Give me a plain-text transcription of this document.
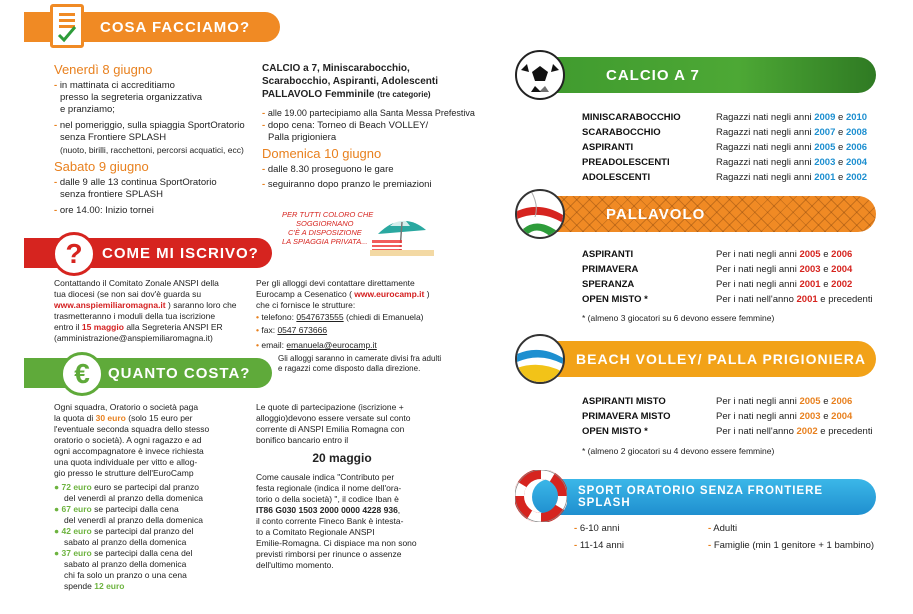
COSA FACCIAMO?
Venerdì 8 giugno
- in mattinata ci accreditiamo
presso la segreteria organizzativa
e pranziamo;
- nel pomeriggio, sulla spiaggia SportOratorio
senza Frontiere SPLASH
(nuoto, birilli, racchettoni, percorsi acquatici, ecc)
Sabato 9 giugno
- dalle 9 alle 13 continua SportOratorio
senza frontiere SPLASH
- ore 14.00: Inizio tornei
CALCIO a 7, Miniscarabocchio,
Scarabocchio, Aspiranti, Adolescenti
PALLAVOLO Femminile (tre categorie)
- alle 19.00 partecipiamo alla Santa Messa Prefestiva
- dopo cena: Torneo di Beach VOLLEY/
Palla prigioniera
Domenica 10 giugno
- dalle 8.30 proseguono le gare
- seguiranno dopo pranzo le premiazioni
PER TUTTI COLORO CHE
SOGGIORNANO
C'È A DISPOSIZIONE
LA SPIAGGIA PRIVATA...
COME MI ISCRIVO?
?
Contattando il Comitato Zonale ANSPI della
tua diocesi (se non sai dov'è guarda su
www.anspiemiliaromagna.it ) saranno loro che
trasmetteranno i moduli della tua iscrizione
entro il 15 maggio alla Segreteria ANSPI ER
(amministrazione@anspiemiliaromagna.it)
Per gli alloggi devi contattare direttamente
Eurocamp a Cesenatico ( www.eurocamp.it )
che ci fornisce le strutture:
• telefono: 0547673555 (chiedi di Emanuela)
• fax: 0547 673666
• email: emanuela@eurocamp.it
Gli alloggi saranno in camerate divisi fra adulti
e ragazzi come disposto dalla direzione.
QUANTO COSTA?
€
Ogni squadra, Oratorio o società paga
la quota di 30 euro (solo 15 euro per
l'eventuale seconda squadra dello stesso
oratorio o società). A ogni ragazzo e ad
ogni accompagnatore è invece richiesta
una quota individuale per vitto e allog-
gio presso le strutture dell'EuroCamp
● 72 euro euro se partecipi dal pranzo
del venerdì al pranzo della domenica
● 67 euro se partecipi dalla cena
del venerdì al pranzo della domenica
● 42 euro se partecipi dal pranzo del
sabato al pranzo della domenica
● 37 euro se partecipi dalla cena del
sabato al pranzo della domenica
chi fa solo un pranzo o una cena
spende 12 euro
Le quote di partecipazione (iscrizione +
alloggio)devono essere versate sul conto
corrente di ANSPI Emilia Romagna con
bonifico bancario entro il
20 maggio
Come causale indica "Contributo per
festa regionale (indica il nome dell'ora-
torio o della società) ", il codice Iban è
IT86 G030 1503 2000 0000 4228 936,
il conto corrente Fineco Bank è intesta-
to a Comitato Regionale ANSPI
Emilie-Romagna. Ci dispiace ma non sono
previsti rimborsi per rinunce o assenze
dell'ultimo momento.
CALCIO A 7
MINISCARABOCCHIO	Ragazzi nati negli anni 2009 e 2010
SCARABOCCHIO	Ragazzi nati negli anni 2007 e 2008
ASPIRANTI	Ragazzi nati negli anni 2005 e 2006
PREADOLESCENTI	Ragazzi nati negli anni 2003 e 2004
ADOLESCENTI	Ragazzi nati negli anni 2001 e 2002
PALLAVOLO
ASPIRANTI	Per i nati negli anni 2005 e 2006
PRIMAVERA	Per i nati negli anni 2003 e 2004
SPERANZA	Per i nati negli anni 2001 e 2002
OPEN MISTO *	Per i nati nell'anno 2001 e precedenti
* (almeno 3 giocatori su 6 devono essere femmine)
BEACH VOLLEY/ PALLA PRIGIONIERA
ASPIRANTI MISTO	Per i nati negli anni 2005 e 2006
PRIMAVERA MISTO	Per i nati negli anni 2003 e 2004
OPEN MISTO *	Per i nati nell'anno 2002 e precedenti
* (almeno 2 giocatori su 4 devono essere femmine)
SPORT ORATORIO SENZA FRONTIERE SPLASH
- 6-10 anni
- 11-14 anni
- Adulti
- Famiglie (min 1 genitore + 1 bambino)
